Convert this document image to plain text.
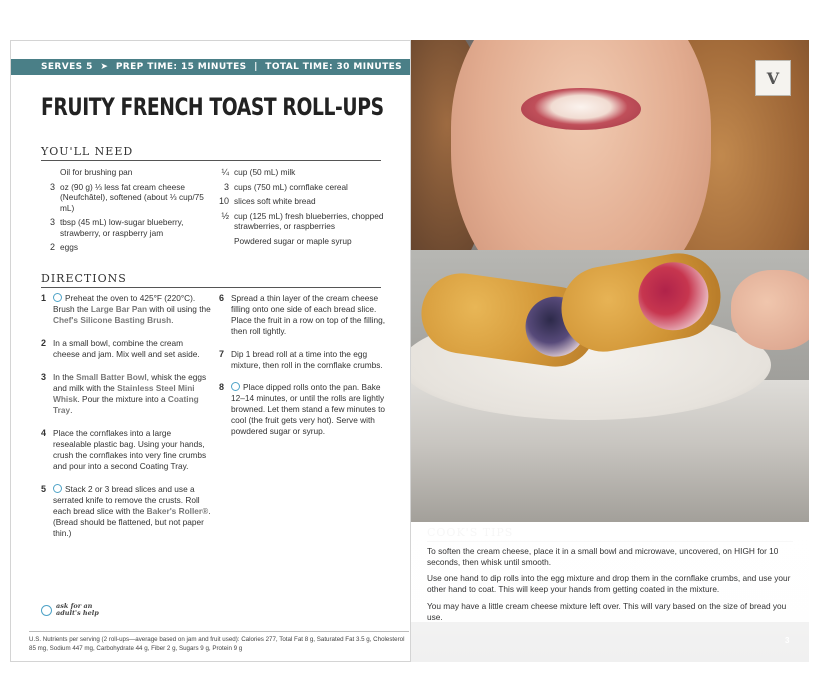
SERVES 5 ➤ PREP TIME: 15 MINUTES | TOTAL TIME: 30 MINUTES
FRUITY FRENCH TOAST ROLL-UPS
YOU'LL NEED
Oil for brushing pan
3 oz (90 g) ⅓ less fat cream cheese (Neufchâtel), softened (about ⅓ cup/75 mL)
3 tbsp (45 mL) low-sugar blueberry, strawberry, or raspberry jam
2 eggs
¼ cup (50 mL) milk
3 cups (750 mL) cornflake cereal
10 slices soft white bread
½ cup (125 mL) fresh blueberries, chopped strawberries, or raspberries
Powdered sugar or maple syrup
DIRECTIONS
1	Preheat the oven to 425°F (220°C). Brush the Large Bar Pan with oil using the Chef's Silicone Basting Brush.
2 In a small bowl, combine the cream cheese and jam. Mix well and set aside.
3 In the Small Batter Bowl, whisk the eggs and milk with the Stainless Steel Mini Whisk. Pour the mixture into a Coating Tray.
4 Place the cornflakes into a large resealable plastic bag. Using your hands, crush the cornflakes into very fine crumbs and pour into a second Coating Tray.
5	Stack 2 or 3 bread slices and use a serrated knife to remove the crusts. Roll each bread slice with the Baker's Roller®. (Bread should be flattened, but not paper thin.)
6 Spread a thin layer of the cream cheese filling onto one side of each bread slice. Place the fruit in a row on top of the filling, then roll tightly.
7 Dip 1 bread roll at a time into the egg mixture, then roll in the cornflake crumbs.
8	Place dipped rolls onto the pan. Bake 12–14 minutes, or until the rolls are lightly browned. Let them stand a few minutes to cool (the fruit gets very hot). Serve with powdered sugar or syrup.
ask for an
adult's help
U.S. Nutrients per serving (2 roll-ups—average based on jam and fruit used): Calories 277, Total Fat 8 g, Saturated Fat 3.5 g, Cholesterol 85 mg, Sodium 447 mg, Carbohydrate 44 g, Fiber 2 g, Sugars 9 g, Protein 9 g
V

To soften the cream cheese, place it in a small bowl and microwave, uncovered, on HIGH for 10 seconds, then whisk until smooth.

Use one hand to dip rolls into the egg mixture and drop them in the cornflake crumbs, and use your other hand to coat. This will keep your hands from getting coated in the mixture.

You may have a little cream cheese mixture left over. This will vary based on the size of bread you use.

3
